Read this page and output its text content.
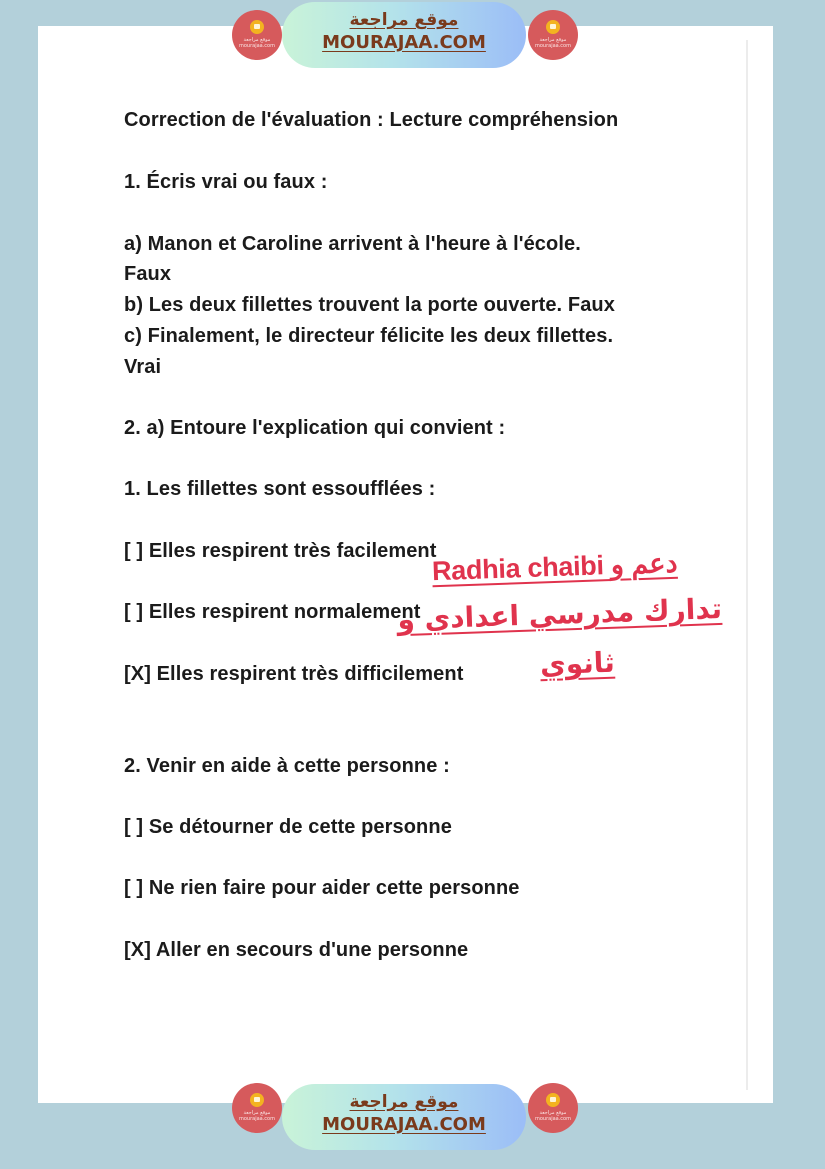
Correction de l'évaluation : Lecture compréhension
1. Écris vrai ou faux :
a) Manon et Caroline arrivent à l'heure à l'école.
Faux
b) Les deux fillettes trouvent la porte ouverte. Faux
c) Finalement, le directeur félicite les deux fillettes.
Vrai
2. a) Entoure l'explication qui convient :
1. Les fillettes sont essoufflées :
[ ] Elles respirent très facilement
[ ] Elles respirent normalement
[X] Elles respirent très difficilement
2. Venir en aide à cette personne :
[ ] Se détourner de cette personne
[ ] Ne rien faire pour aider cette personne
[X] Aller en secours d'une personne
Radhia chaibi دعم و
تدارك مدرسي اعدادي و
ثانوي
موقع مراجعة
mourajaa.com
موقع مراجعة
MOURAJAA.COM	موقع مراجعة
mourajaa.com
موقع مراجعة
mourajaa.com
موقع مراجعة
MOURAJAA.COM
موقع مراجعة
mourajaa.com
